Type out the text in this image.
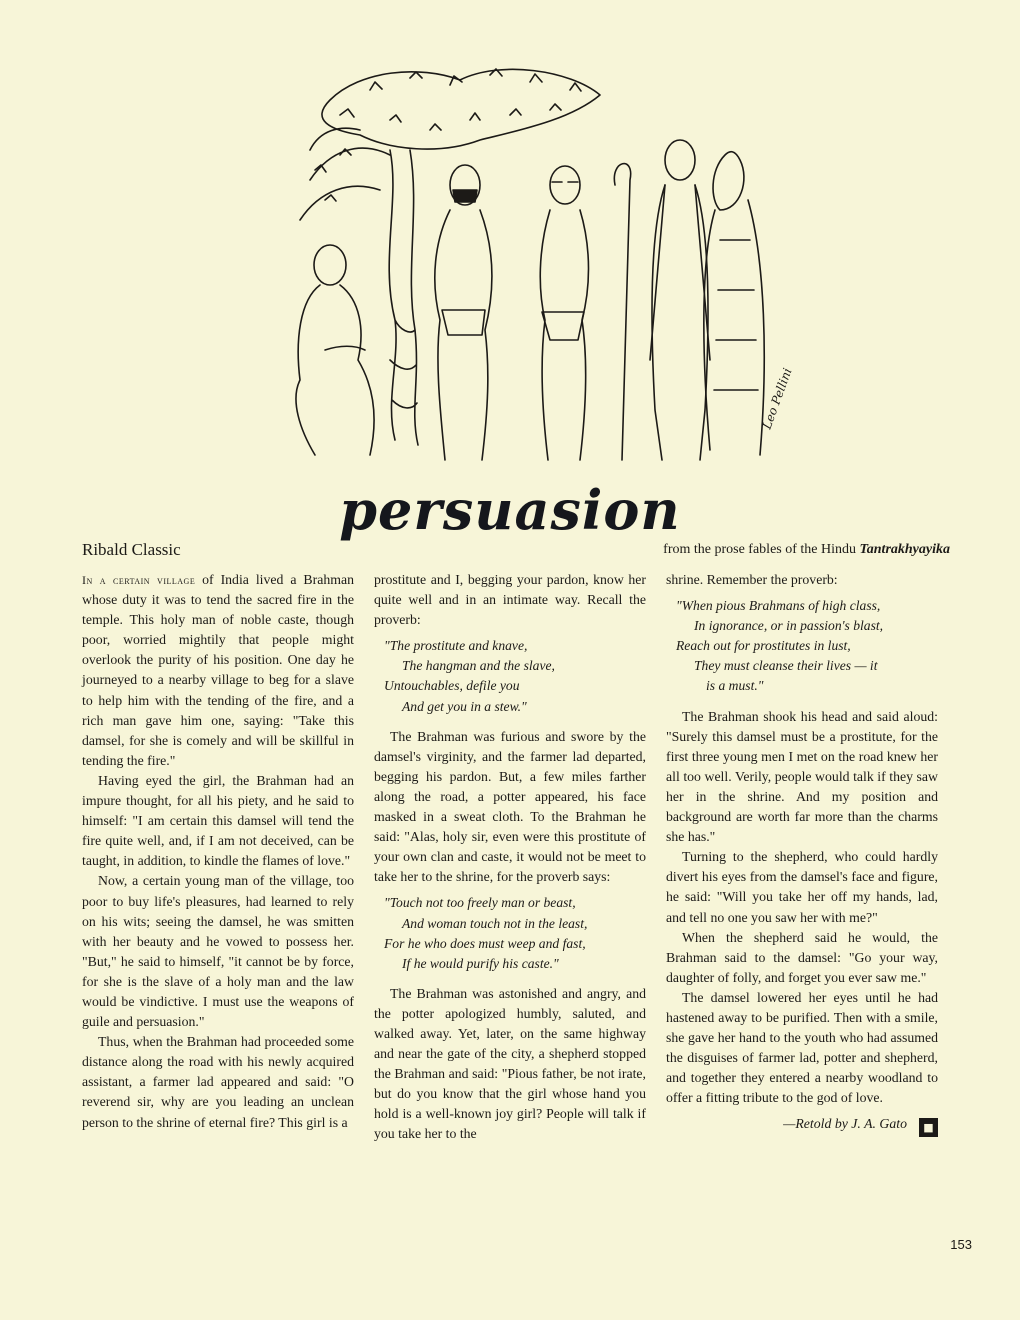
Leo Pellini
persuasion
Ribald Classic	from the prose fables of the Hindu Tantrakhyayika

In a certain village of India lived a Brahman whose duty it was to tend the sacred fire in the temple. This holy man of noble caste, though poor, worried mightily that people might overlook the purity of his position. One day he journeyed to a nearby village to beg for a slave to help him with the tending of the fire, and a rich man gave him one, saying: "Take this damsel, for she is comely and will be skillful in tending the fire."

Having eyed the girl, the Brahman had an impure thought, for all his piety, and he said to himself: "I am certain this damsel will tend the fire quite well, and, if I am not deceived, can be taught, in addition, to kindle the flames of love."

Now, a certain young man of the village, too poor to buy life's pleasures, had learned to rely on his wits; seeing the damsel, he was smitten with her beauty and he vowed to possess her. "But," he said to himself, "it cannot be by force, for she is the slave of a holy man and the law would be vindictive. I must use the weapons of guile and persuasion."

Thus, when the Brahman had proceeded some distance along the road with his newly acquired assistant, a farmer lad appeared and said: "O reverend sir, why are you leading an unclean person to the shrine of eternal fire? This girl is a

prostitute and I, begging your pardon, know her quite well and in an intimate way. Recall the proverb:

"The prostitute and knave,
The hangman and the slave,
Untouchables, defile you
And get you in a stew."

The Brahman was furious and swore by the damsel's virginity, and the farmer lad departed, begging his pardon. But, a few miles farther along the road, a potter appeared, his face masked in a sweat cloth. To the Brahman he said: "Alas, holy sir, even were this prostitute of your own clan and caste, it would not be meet to take her to the shrine, for the proverb says:

"Touch not too freely man or beast,
And woman touch not in the least,
For he who does must weep and fast,
If he would purify his caste."

The Brahman was astonished and angry, and the potter apologized humbly, saluted, and walked away. Yet, later, on the same highway and near the gate of the city, a shepherd stopped the Brahman and said: "Pious father, be not irate, but do you know that the girl whose hand you hold is a well-known joy girl? People will talk if you take her to the

shrine. Remember the proverb:

"When pious Brahmans of high class,
In ignorance, or in passion's blast,
Reach out for prostitutes in lust,
They must cleanse their lives — it
is a must."

The Brahman shook his head and said aloud: "Surely this damsel must be a prostitute, for the first three young men I met on the road knew her all too well. Verily, people would talk if they saw her in the shrine. And my position and background are worth far more than the charms she has."

Turning to the shepherd, who could hardly divert his eyes from the damsel's face and figure, he said: "Will you take her off my hands, lad, and tell no one you saw her with me?"

When the shepherd said he would, the Brahman said to the damsel: "Go your way, daughter of folly, and forget you ever saw me."

The damsel lowered her eyes until he had hastened away to be purified. Then with a smile, she gave her hand to the youth who had assumed the disguises of farmer lad, potter and shepherd, and together they entered a nearby woodland to offer a fitting tribute to the god of love.

—Retold by J. A. Gato ■
153
